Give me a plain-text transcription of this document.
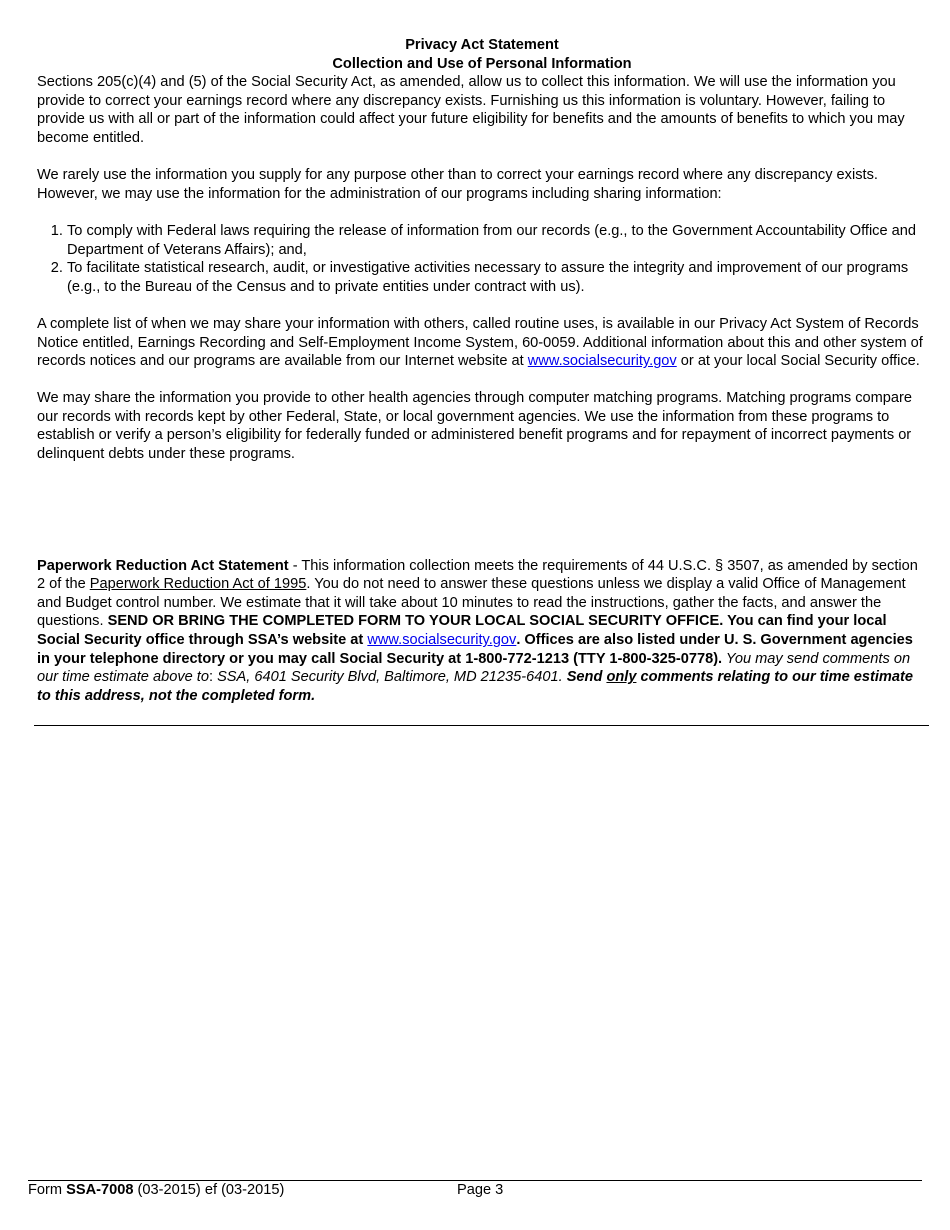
Privacy Act Statement
Collection and Use of Personal Information

Sections 205(c)(4) and (5) of the Social Security Act, as amended, allow us to collect this information. We will use the information you provide to correct your earnings record where any discrepancy exists. Furnishing us this information is voluntary. However, failing to provide us with all or part of the information could affect your future eligibility for benefits and the amounts of benefits to which you may become entitled.

We rarely use the information you supply for any purpose other than to correct your earnings record where any discrepancy exists. However, we may use the information for the administration of our programs including sharing information:

1. To comply with Federal laws requiring the release of information from our records (e.g., to the Government Accountability Office and Department of Veterans Affairs); and,
2. To facilitate statistical research, audit, or investigative activities necessary to assure the integrity and improvement of our programs (e.g., to the Bureau of the Census and to private entities under contract with us).

A complete list of when we may share your information with others, called routine uses, is available in our Privacy Act System of Records Notice entitled, Earnings Recording and Self-Employment Income System, 60-0059. Additional information about this and other system of records notices and our programs are available from our Internet website at www.socialsecurity.gov or at your local Social Security office.

We may share the information you provide to other health agencies through computer matching programs. Matching programs compare our records with records kept by other Federal, State, or local government agencies. We use the information from these programs to establish or verify a person’s eligibility for federally funded or administered benefit programs and for repayment of incorrect payments or delinquent debts under these programs.

Paperwork Reduction Act Statement - This information collection meets the requirements of 44 U.S.C. § 3507, as amended by section 2 of the Paperwork Reduction Act of 1995. You do not need to answer these questions unless we display a valid Office of Management and Budget control number. We estimate that it will take about 10 minutes to read the instructions, gather the facts, and answer the questions. SEND OR BRING THE COMPLETED FORM TO YOUR LOCAL SOCIAL SECURITY OFFICE. You can find your local Social Security office through SSA’s website at www.socialsecurity.gov. Offices are also listed under U. S. Government agencies in your telephone directory or you may call Social Security at 1-800-772-1213 (TTY 1-800-325-0778). You may send comments on our time estimate above to: SSA, 6401 Security Blvd, Baltimore, MD 21235-6401. Send only comments relating to our time estimate to this address, not the completed form.

Form SSA-7008 (03-2015) ef (03-2015)	Page 3
